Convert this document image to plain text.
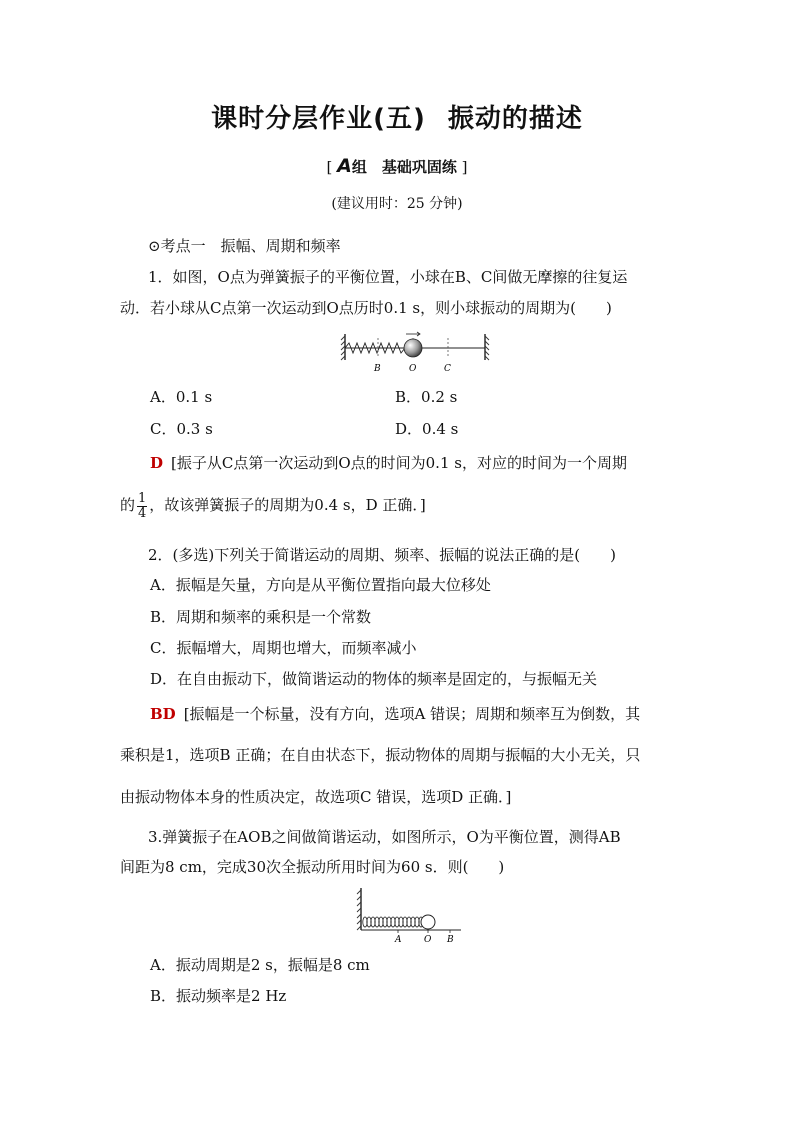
课时分层作业(五) 振动的描述
[ A组　基础巩固练 ]
(建议用时：25 分钟)
⊙考点一　振幅、周期和频率
1．如图，O点为弹簧振子的平衡位置，小球在B、C间做无摩擦的往复运
动．若小球从C点第一次运动到O点历时0.1 s，则小球振动的周期为(　　)
B	O	C
A．0.1 s	B．0.2 s
C．0.3 s	D．0.4 s
D [振子从C点第一次运动到O点的时间为0.1 s，对应的时间为一个周期
的 $\frac{1}{4}$ ，故该弹簧振子的周期为0.4 s，D 正确．]
2．(多选)下列关于简谐运动的周期、频率、振幅的说法正确的是(　　)
A．振幅是矢量，方向是从平衡位置指向最大位移处
B．周期和频率的乘积是一个常数
C．振幅增大，周期也增大，而频率减小
D．在自由振动下，做简谐运动的物体的频率是固定的，与振幅无关
BD [振幅是一个标量，没有方向，选项A 错误；周期和频率互为倒数，其
乘积是1，选项B 正确；在自由状态下，振动物体的周期与振幅的大小无关，只
由振动物体本身的性质决定，故选项C 错误，选项D 正确．]
3.弹簧振子在AOB之间做简谐运动，如图所示，O为平衡位置，测得AB
间距为8 cm，完成30次全振动所用时间为60 s．则(　　)
A	O B
A．振动周期是2 s，振幅是8 cm
B．振动频率是2 Hz
